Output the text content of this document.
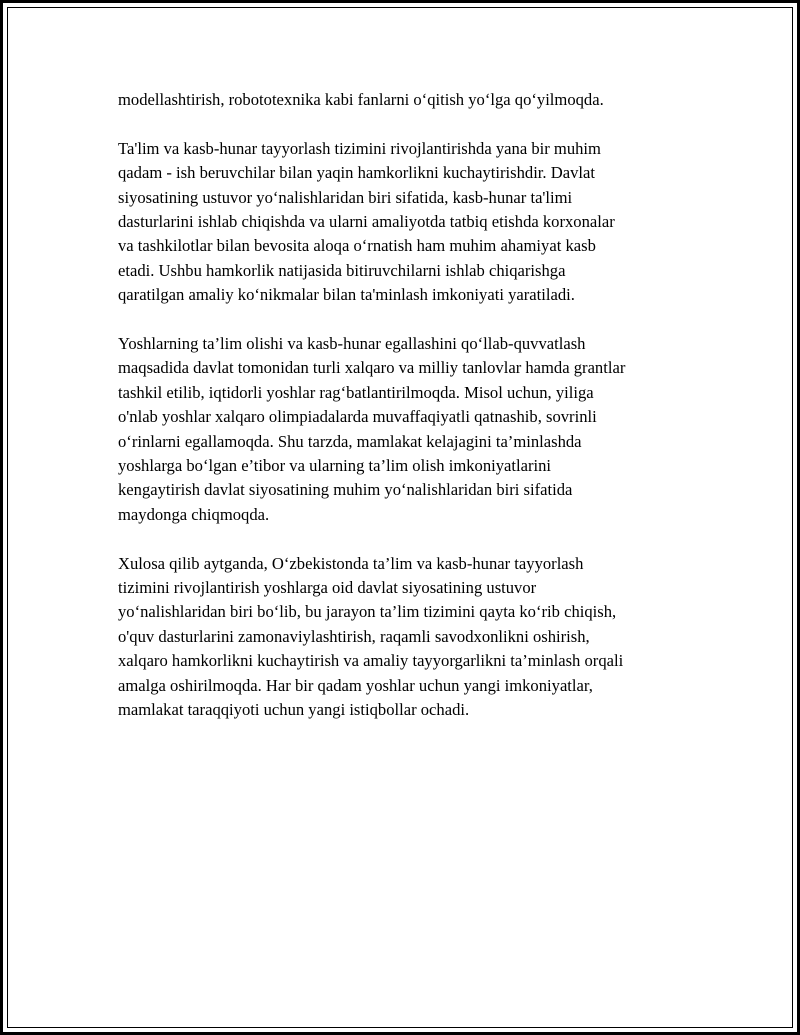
modellashtirish, robototexnika kabi fanlarni o‘qitish yo‘lga qo‘yilmoqda.

Ta'lim va kasb-hunar tayyorlash tizimini rivojlantirishda yana bir muhim
qadam - ish beruvchilar bilan yaqin hamkorlikni kuchaytirishdir. Davlat
siyosatining ustuvor yo‘nalishlaridan biri sifatida, kasb-hunar ta'limi
dasturlarini ishlab chiqishda va ularni amaliyotda tatbiq etishda korxonalar
va tashkilotlar bilan bevosita aloqa o‘rnatish ham muhim ahamiyat kasb
etadi. Ushbu hamkorlik natijasida bitiruvchilarni ishlab chiqarishga
qaratilgan amaliy ko‘nikmalar bilan ta'minlash imkoniyati yaratiladi.

Yoshlarning ta’lim olishi va kasb-hunar egallashini qo‘llab-quvvatlash
maqsadida davlat tomonidan turli xalqaro va milliy tanlovlar hamda grantlar
tashkil etilib, iqtidorli yoshlar rag‘batlantirilmoqda. Misol uchun, yiliga
o'nlab yoshlar xalqaro olimpiadalarda muvaffaqiyatli qatnashib, sovrinli
o‘rinlarni egallamoqda. Shu tarzda, mamlakat kelajagini ta’minlashda
yoshlarga bo‘lgan e’tibor va ularning ta’lim olish imkoniyatlarini
kengaytirish davlat siyosatining muhim yo‘nalishlaridan biri sifatida
maydonga chiqmoqda.

Xulosa qilib aytganda, O‘zbekistonda ta’lim va kasb-hunar tayyorlash
tizimini rivojlantirish yoshlarga oid davlat siyosatining ustuvor
yo‘nalishlaridan biri bo‘lib, bu jarayon ta’lim tizimini qayta ko‘rib chiqish,
o'quv dasturlarini zamonaviylashtirish, raqamli savodxonlikni oshirish,
xalqaro hamkorlikni kuchaytirish va amaliy tayyorgarlikni ta’minlash orqali
amalga oshirilmoqda. Har bir qadam yoshlar uchun yangi imkoniyatlar,
mamlakat taraqqiyoti uchun yangi istiqbollar ochadi.
